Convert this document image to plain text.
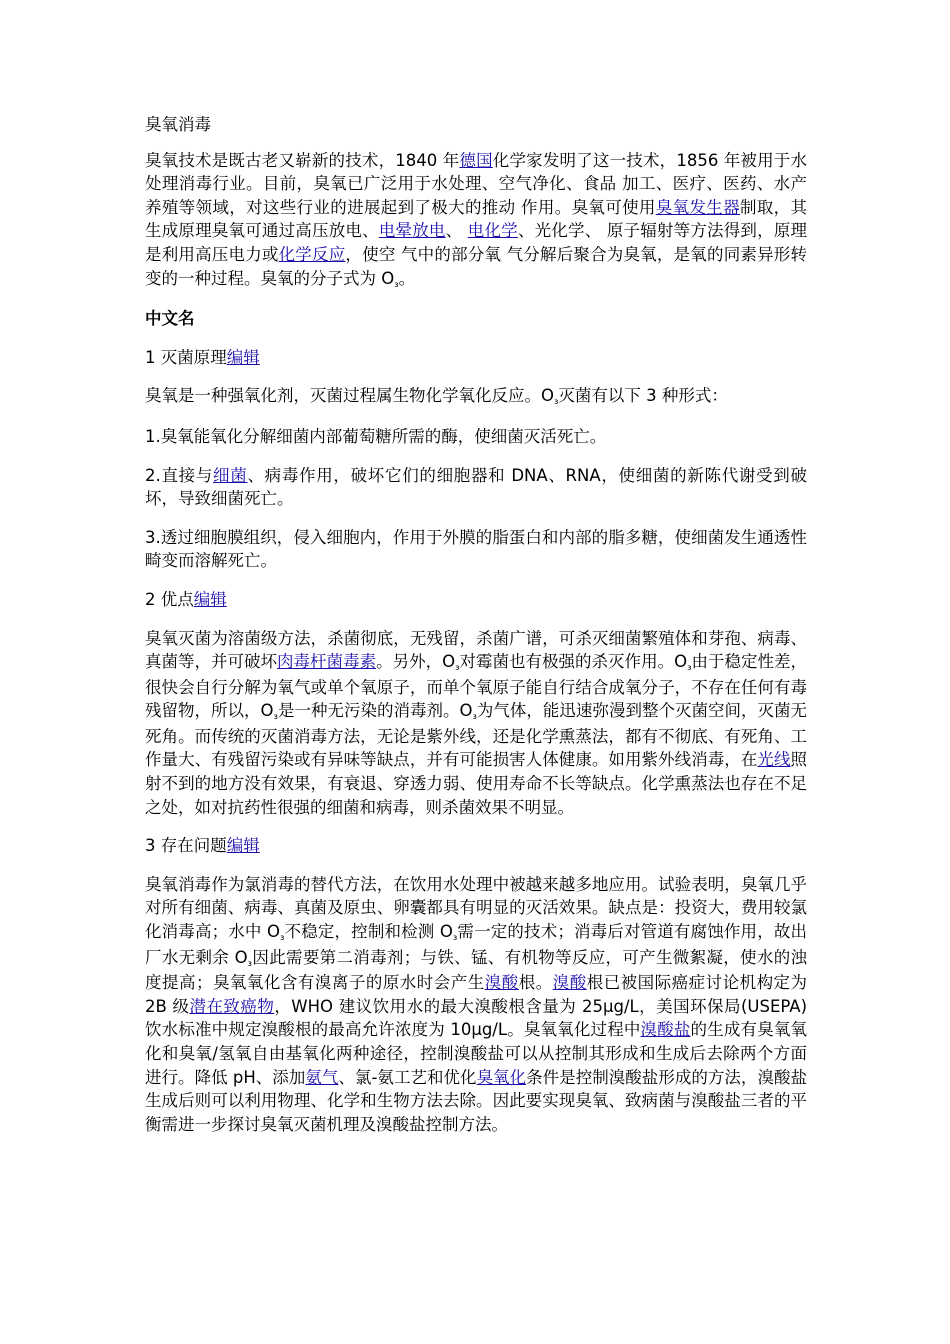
臭氧消毒

臭氧技术是既古老又崭新的技术，1840 年德国化学家发明了这一技术，1856 年被用于水处理消毒行业。目前，臭氧已广泛用于水处理、空气净化、食品 加工、医疗、医药、水产养殖等领域，对这些行业的进展起到了极大的推动 作用。臭氧可使用臭氧发生器制取，其生成原理臭氧可通过高压放电、电晕放电、 电化学、光化学、 原子辐射等方法得到，原理是利用高压电力或化学反应，使空 气中的部分氧 气分解后聚合为臭氧，是氧的同素异形转变的一种过程。臭氧的分子式为 O₃。

中文名

1 灭菌原理编辑

臭氧是一种强氧化剂，灭菌过程属生物化学氧化反应。O₃灭菌有以下 3 种形式：

1.臭氧能氧化分解细菌内部葡萄糖所需的酶，使细菌灭活死亡。

2.直接与细菌、病毒作用，破坏它们的细胞器和 DNA、RNA，使细菌的新陈代谢受到破坏，导致细菌死亡。

3.透过细胞膜组织，侵入细胞内，作用于外膜的脂蛋白和内部的脂多糖，使细菌发生通透性畸变而溶解死亡。

2 优点编辑

臭氧灭菌为溶菌级方法，杀菌彻底，无残留，杀菌广谱，可杀灭细菌繁殖体和芽孢、病毒、真菌等，并可破坏肉毒杆菌毒素。另外，O₃对霉菌也有极强的杀灭作用。O₃由于稳定性差，很快会自行分解为氧气或单个氧原子，而单个氧原子能自行结合成氧分子，不存在任何有毒残留物，所以，O₃是一种无污染的消毒剂。O₃为气体，能迅速弥漫到整个灭菌空间，灭菌无死角。而传统的灭菌消毒方法，无论是紫外线，还是化学熏蒸法，都有不彻底、有死角、工作量大、有残留污染或有异味等缺点，并有可能损害人体健康。如用紫外线消毒，在光线照射不到的地方没有效果，有衰退、穿透力弱、使用寿命不长等缺点。化学熏蒸法也存在不足之处，如对抗药性很强的细菌和病毒，则杀菌效果不明显。

3 存在问题编辑

臭氧消毒作为氯消毒的替代方法，在饮用水处理中被越来越多地应用。试验表明，臭氧几乎对所有细菌、病毒、真菌及原虫、卵囊都具有明显的灭活效果。缺点是：投资大，费用较氯化消毒高；水中 O₃不稳定，控制和检测 O₃需一定的技术；消毒后对管道有腐蚀作用，故出厂水无剩余 O₃因此需要第二消毒剂；与铁、锰、有机物等反应，可产生微絮凝，使水的浊度提高；臭氧氧化含有溴离子的原水时会产生溴酸根。溴酸根已被国际癌症讨论机构定为 2B 级潜在致癌物，WHO 建议饮用水的最大溴酸根含量为 25μg/L，美国环保局(USEPA)饮水标准中规定溴酸根的最高允许浓度为 10μg/L。臭氧氧化过程中溴酸盐的生成有臭氧氧化和臭氧/氢氧自由基氧化两种途径，控制溴酸盐可以从控制其形成和生成后去除两个方面进行。降低 pH、添加氨气、氯-氨工艺和优化臭氧化条件是控制溴酸盐形成的方法，溴酸盐生成后则可以利用物理、化学和生物方法去除。因此要实现臭氧、致病菌与溴酸盐三者的平衡需进一步探讨臭氧灭菌机理及溴酸盐控制方法。
